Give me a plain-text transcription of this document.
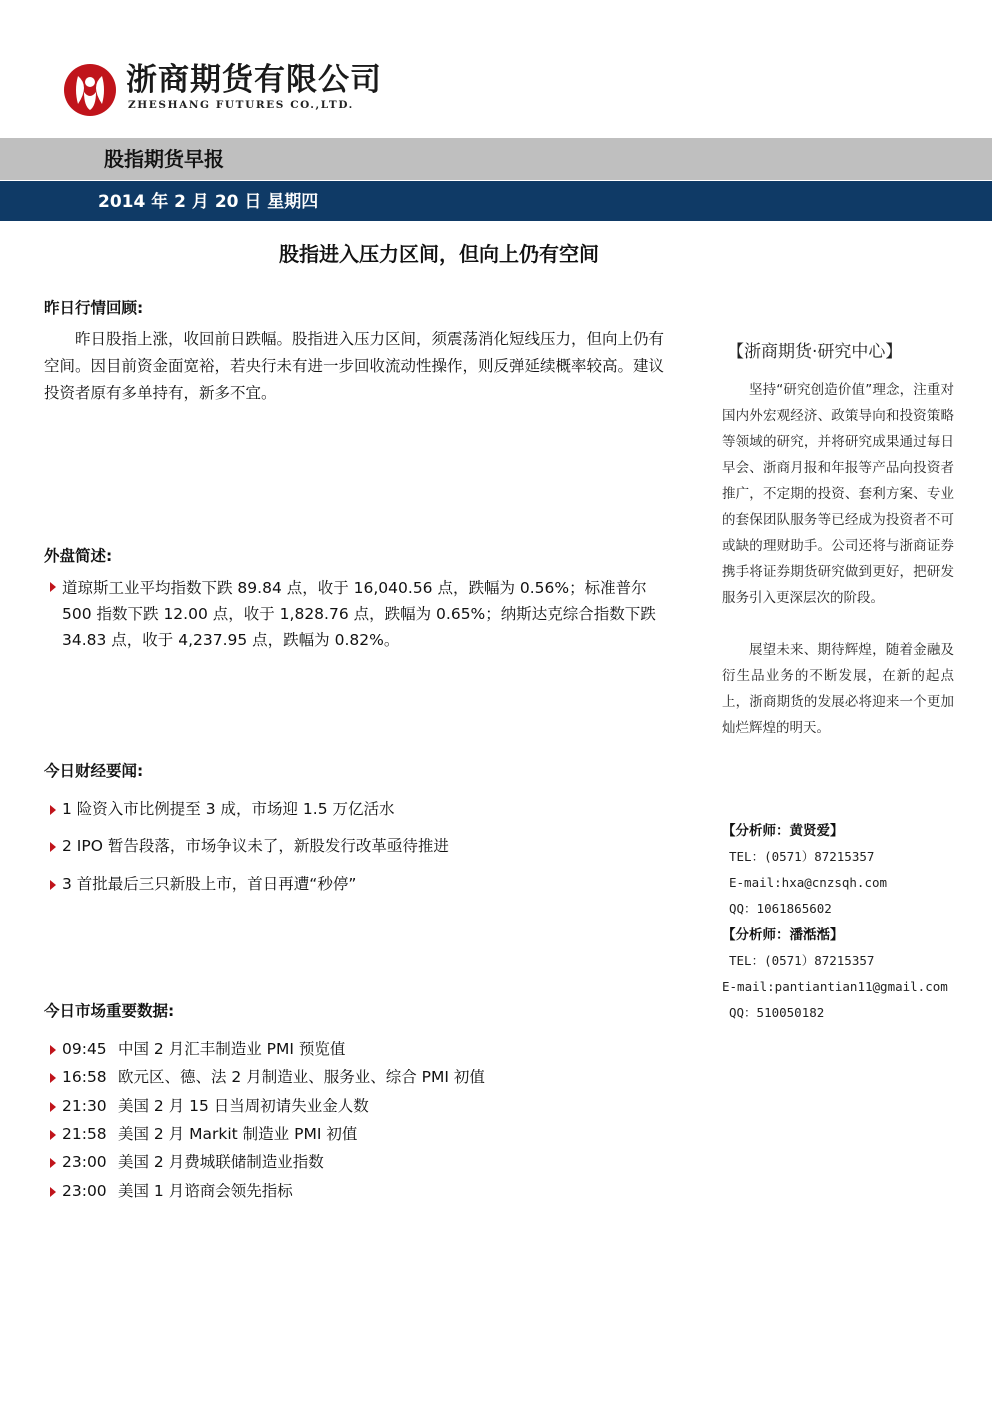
浙商期货有限公司
ZHESHANG FUTURES CO.,LTD.
股指期货早报
2014 年 2 月 20 日 星期四
股指进入压力区间，但向上仍有空间
昨日行情回顾:
昨日股指上涨，收回前日跌幅。股指进入压力区间，须震荡消化短线压力，但向上仍有空间。因目前资金面宽裕，若央行未有进一步回收流动性操作，则反弹延续概率较高。建议投资者原有多单持有，新多不宜。
外盘简述:
道琼斯工业平均指数下跌 89.84 点，收于 16,040.56 点，跌幅为 0.56%；标准普尔 500 指数下跌 12.00 点，收于 1,828.76 点，跌幅为 0.65%；纳斯达克综合指数下跌 34.83 点，收于 4,237.95 点，跌幅为 0.82%。
今日财经要闻:
1 险资入市比例提至 3 成，市场迎 1.5 万亿活水
2 IPO 暂告段落，市场争议未了，新股发行改革亟待推进
3 首批最后三只新股上市，首日再遭“秒停”
今日市场重要数据:
09:45 中国 2 月汇丰制造业 PMI 预览值
16:58 欧元区、德、法 2 月制造业、服务业、综合 PMI 初值
21:30 美国 2 月 15 日当周初请失业金人数
21:58 美国 2 月 Markit 制造业 PMI 初值
23:00 美国 2 月费城联储制造业指数
23:00 美国 1 月谘商会领先指标
【浙商期货·研究中心】
坚持“研究创造价值”理念，注重对国内外宏观经济、政策导向和投资策略等领域的研究，并将研究成果通过每日早会、浙商月报和年报等产品向投资者推广，不定期的投资、套利方案、专业的套保团队服务等已经成为投资者不可或缺的理财助手。公司还将与浙商证券携手将证券期货研究做到更好，把研发服务引入更深层次的阶段。
展望未来、期待辉煌，随着金融及衍生品业务的不断发展，在新的起点上，浙商期货的发展必将迎来一个更加灿烂辉煌的明天。
【分析师：黄贤爱】
TEL：(0571）87215357
E-mail:hxa@cnzsqh.com
QQ：1061865602
【分析师：潘湉湉】
TEL：(0571）87215357
E-mail:pantiantian11@gmail.com
QQ：510050182
